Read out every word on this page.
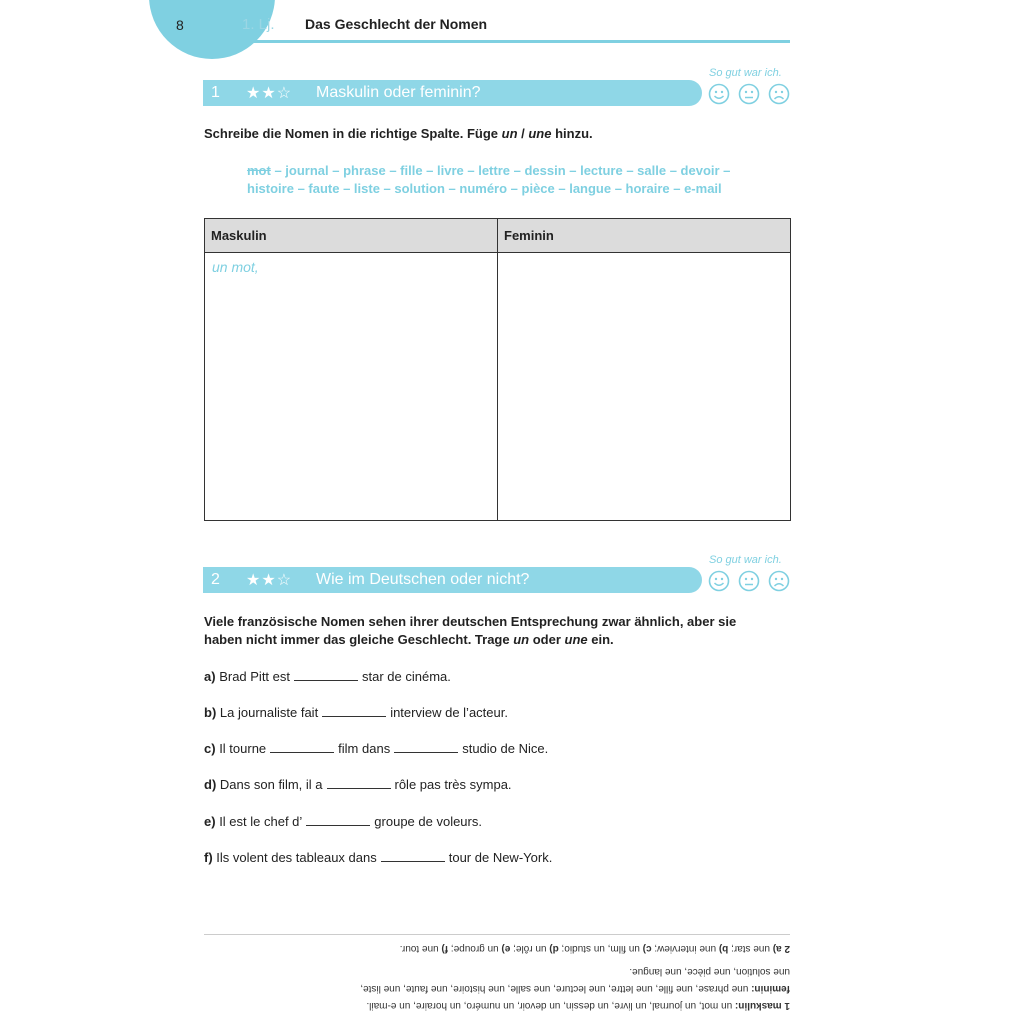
8	1. Lj. Das Geschlecht der Nomen
So gut war ich.
1 ★★☆ Maskulin oder feminin?
Schreibe die Nomen in die richtige Spalte. Füge un / une hinzu.
mot – journal – phrase – fille – livre – lettre – dessin – lecture – salle – devoir –
histoire – faute – liste – solution – numéro – pièce – langue – horaire – e-mail
Maskulin	Feminin
un mot,	
So gut war ich.
2 ★★☆ Wie im Deutschen oder nicht?
Viele französische Nomen sehen ihrer deutschen Entsprechung zwar ähnlich, aber sie
haben nicht immer das gleiche Geschlecht. Trage un oder une ein.
a) Brad Pitt est	star de cinéma.
b) La journaliste fait	interview de l’acteur.
c) Il tourne	film dans	studio de Nice.
d) Dans son film, il a	rôle pas très sympa.
e) Il est le chef d’	groupe de voleurs.
f) Ils volent des tableaux dans	tour de New-York.
1 maskulin: un mot, un journal, un livre, un dessin, un devoir, un numéro, un horaire, un e-mail.
feminin: une phrase, une fille, une lettre, une lecture, une salle, une histoire, une faute, une liste,
une solution, une pièce, une langue.
2 a) une star; b) une interview; c) un film, un studio; d) un rôle; e) un groupe; f) une tour.
